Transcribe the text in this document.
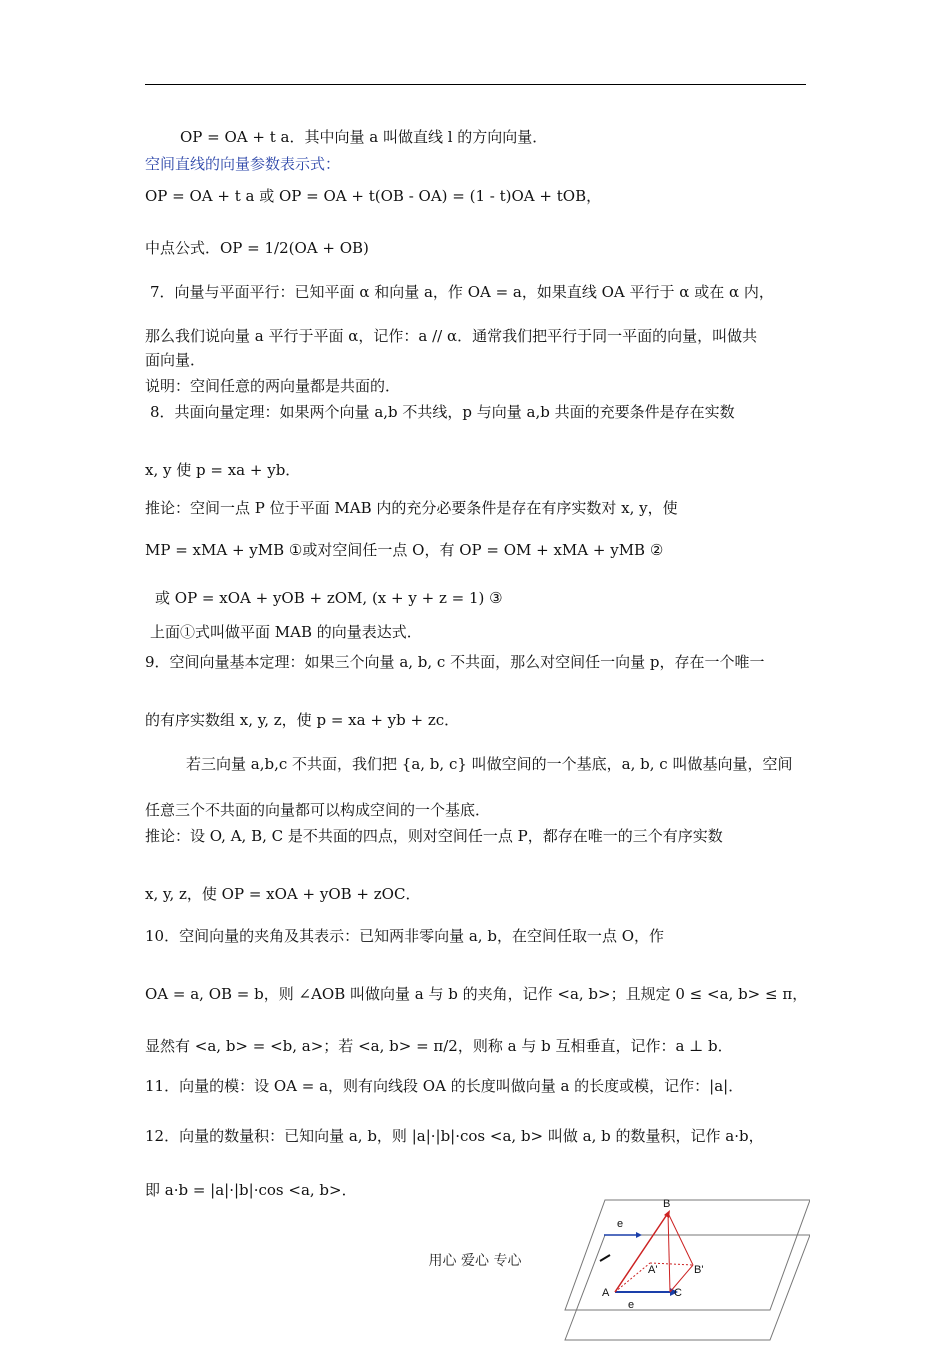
OP = OA + t a．其中向量 a 叫做直线 l 的方向向量．
空间直线的向量参数表示式：
OP = OA + t a 或 OP = OA + t(OB - OA) = (1 - t)OA + tOB，
中点公式．OP = 1/2(OA + OB)
7．向量与平面平行：已知平面 α 和向量 a，作 OA = a，如果直线 OA 平行于 α 或在 α 内，
那么我们说向量 a 平行于平面 α，记作：a // α．通常我们把平行于同一平面的向量，叫做共
面向量．
说明：空间任意的两向量都是共面的．
8．共面向量定理：如果两个向量 a,b 不共线，p 与向量 a,b 共面的充要条件是存在实数
x, y 使 p = xa + yb．
推论：空间一点 P 位于平面 MAB 内的充分必要条件是存在有序实数对 x, y，使
MP = xMA + yMB ①或对空间任一点 O，有 OP = OM + xMA + yMB ②
或 OP = xOA + yOB + zOM, (x + y + z = 1) ③
上面①式叫做平面 MAB 的向量表达式．
9．空间向量基本定理：如果三个向量 a, b, c 不共面，那么对空间任一向量 p，存在一个唯一
的有序实数组 x, y, z，使 p = xa + yb + zc．
若三向量 a,b,c 不共面，我们把 {a, b, c} 叫做空间的一个基底，a, b, c 叫做基向量，空间
任意三个不共面的向量都可以构成空间的一个基底．
推论：设 O, A, B, C 是不共面的四点，则对空间任一点 P，都存在唯一的三个有序实数
x, y, z，使 OP = xOA + yOB + zOC．
10．空间向量的夹角及其表示：已知两非零向量 a, b，在空间任取一点 O，作
OA = a, OB = b，则 ∠AOB 叫做向量 a 与 b 的夹角，记作 <a, b>；且规定 0 ≤ <a, b> ≤ π，
显然有 <a, b> = <b, a>；若 <a, b> = π/2，则称 a 与 b 互相垂直，记作：a ⊥ b．
11．向量的模：设 OA = a，则有向线段 OA 的长度叫做向量 a 的长度或模，记作：|a|．
12．向量的数量积：已知向量 a, b，则 |a|·|b|·cos <a, b> 叫做 a, b 的数量积，记作 a·b，
即 a·b = |a|·|b|·cos <a, b>．
B
A'	B'
A	C
e
e
用心 爱心 专心
